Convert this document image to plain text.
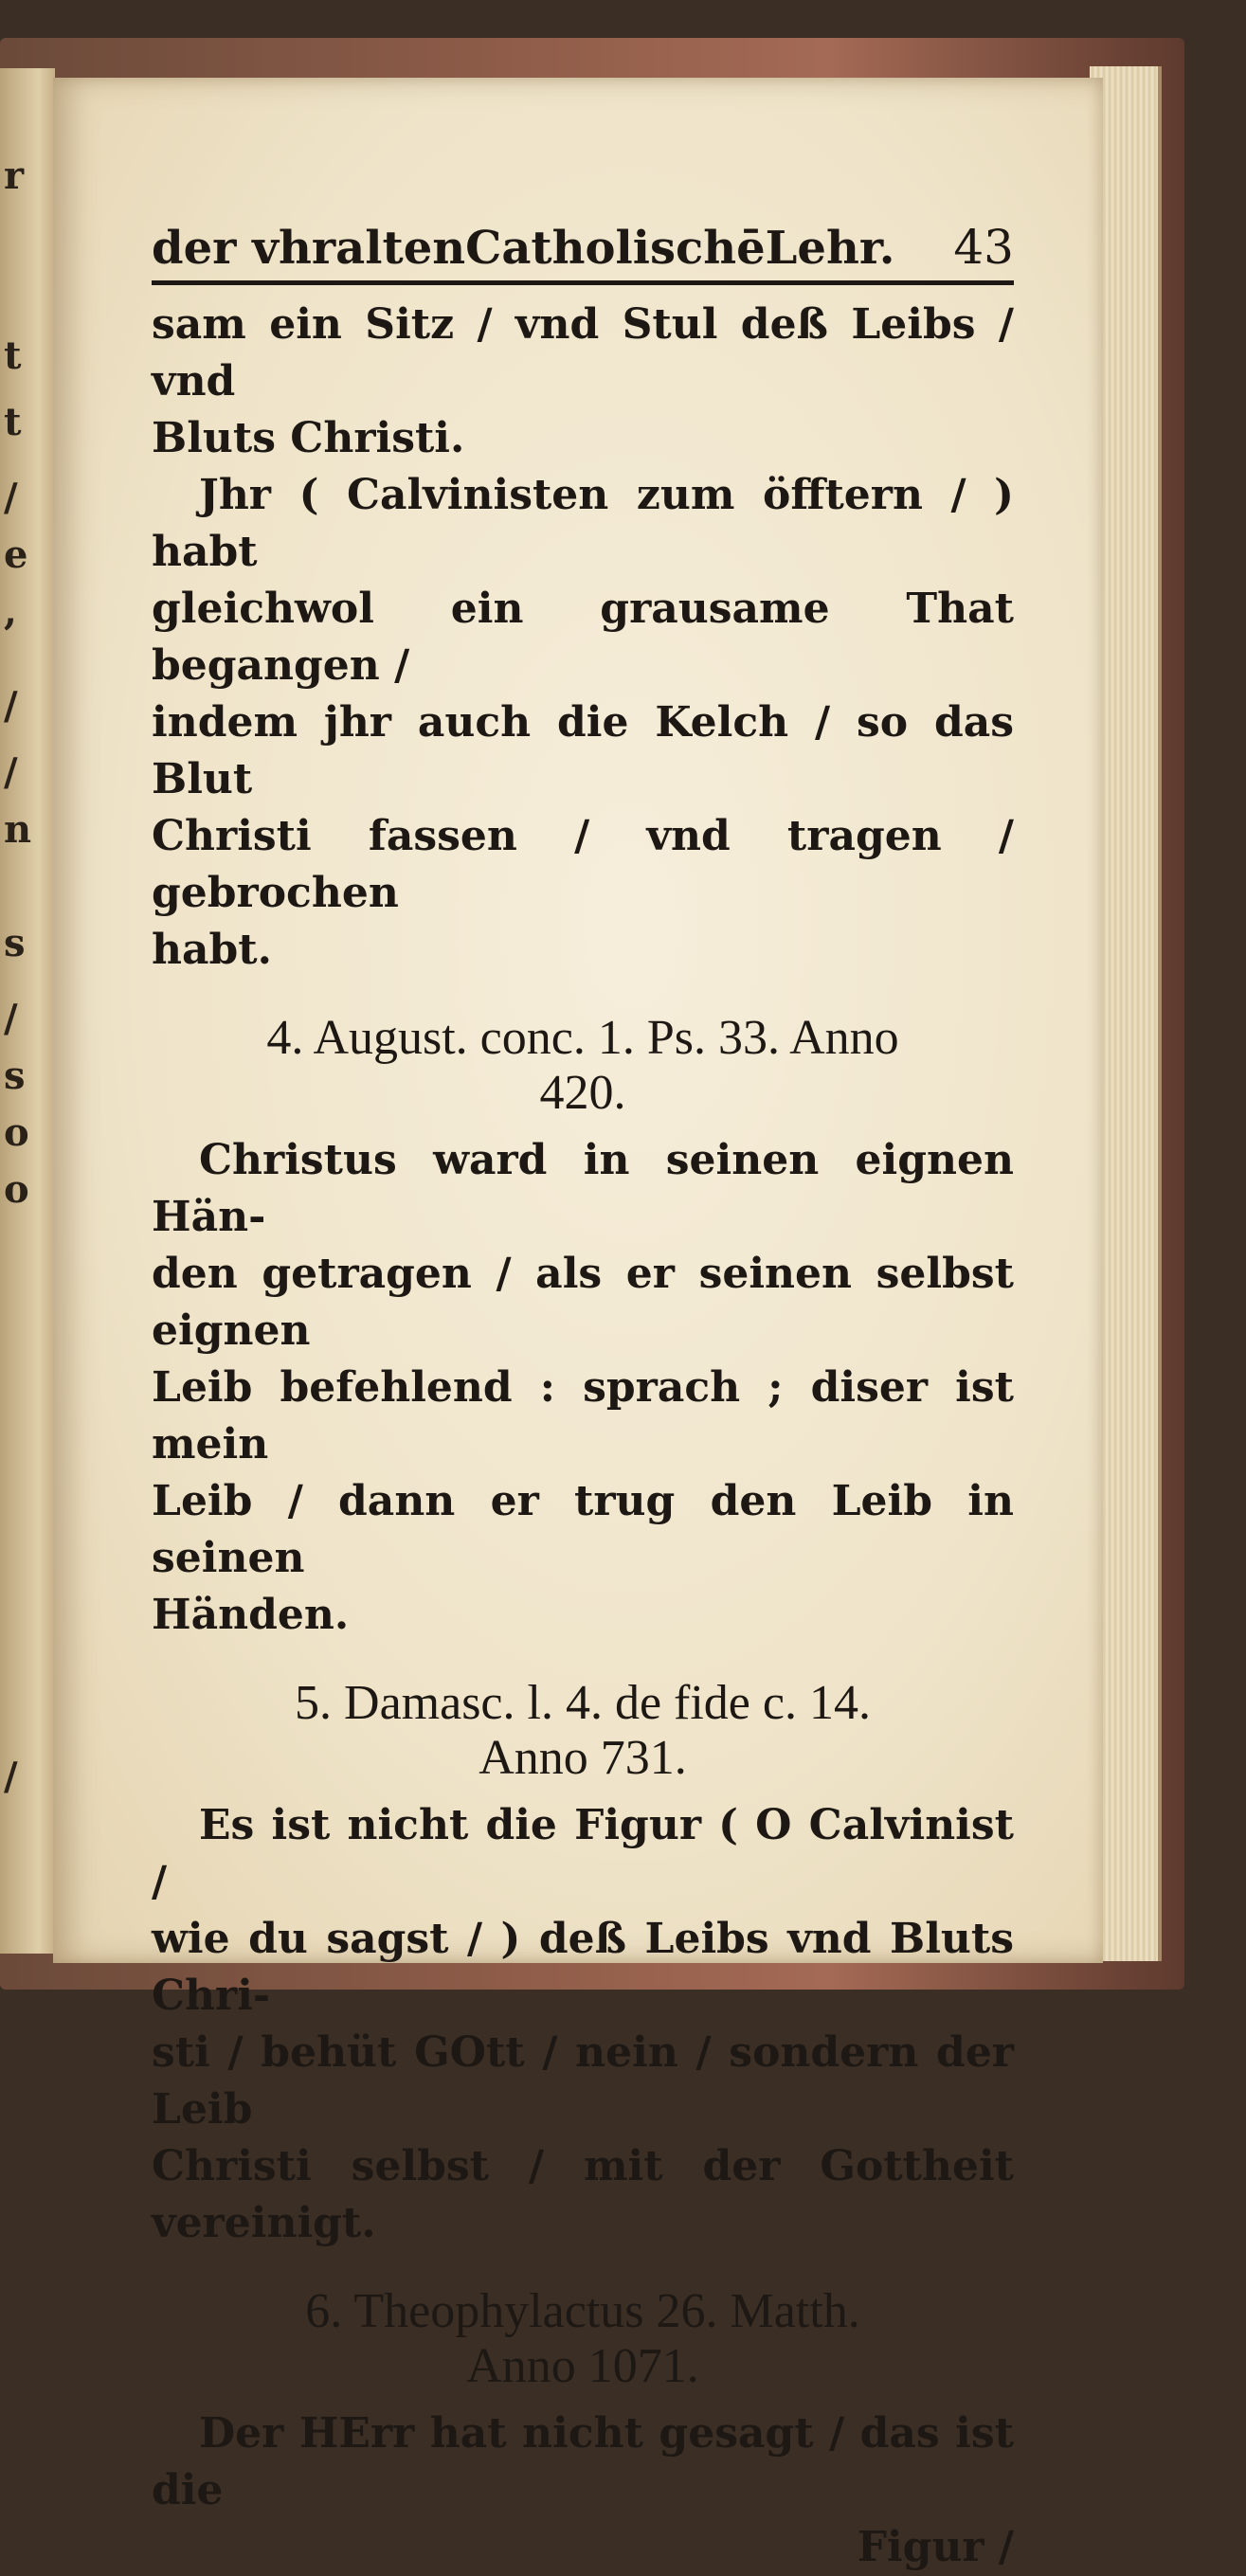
r
t
t
/
e
,
/
/
n
s
/
s
o
o
/
der vhraltenCatholischēLehr. 43

sam ein Sitz / vnd Stul deß Leibs / vnd
Bluts Christi.
Jhr ( Calvinisten zum öfftern / ) habt
gleichwol ein grausame That begangen /
indem jhr auch die Kelch / so das Blut
Christi fassen / vnd tragen / gebrochen
habt.

4. August. conc. 1. Ps. 33. Anno
420.

Christus ward in seinen eignen Hän-
den getragen / als er seinen selbst eignen
Leib befehlend : sprach ; diser ist mein
Leib / dann er trug den Leib in seinen
Händen.

5. Damasc. l. 4. de fide c. 14.
Anno 731.

Es ist nicht die Figur ( O Calvinist /
wie du sagst / ) deß Leibs vnd Bluts Chri-
sti / behüt GOtt / nein / sondern der Leib
Christi selbst / mit der Gottheit vereinigt.

6. Theophylactus 26. Matth.
Anno 1071.

Der HErr hat nicht gesagt / das ist die

Figur /
